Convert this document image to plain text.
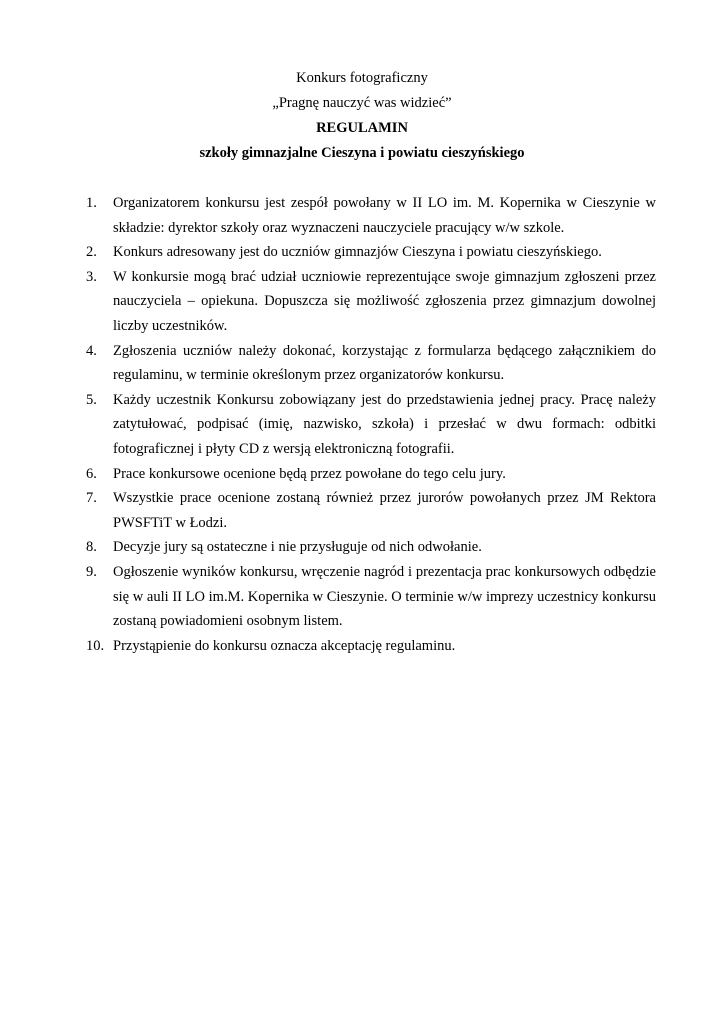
Konkurs fotograficzny
„Pragnę nauczyć was widzieć”
REGULAMIN
szkoły gimnazjalne Cieszyna i powiatu cieszyńskiego
1. Organizatorem konkursu jest zespół powołany w II LO im. M. Kopernika w Cieszynie w składzie: dyrektor szkoły oraz wyznaczeni nauczyciele pracujący w/w szkole.
2. Konkurs adresowany jest do uczniów gimnazjów Cieszyna i powiatu cieszyńskiego.
3. W konkursie mogą brać udział uczniowie reprezentujące swoje gimnazjum zgłoszeni przez nauczyciela – opiekuna. Dopuszcza się możliwość zgłoszenia przez gimnazjum dowolnej liczby uczestników.
4. Zgłoszenia uczniów należy dokonać, korzystając z formularza będącego załącznikiem do regulaminu, w terminie określonym przez organizatorów konkursu.
5. Każdy uczestnik Konkursu zobowiązany jest do przedstawienia jednej pracy. Pracę należy zatytułować, podpisać (imię, nazwisko, szkoła) i przesłać w dwu formach: odbitki fotograficznej i płyty CD z wersją elektroniczną fotografii.
6. Prace konkursowe ocenione będą przez powołane do tego celu jury.
7. Wszystkie prace ocenione zostaną również przez jurorów powołanych przez JM Rektora PWSFTiT w Łodzi.
8. Decyzje jury są ostateczne i nie przysługuje od nich odwołanie.
9. Ogłoszenie wyników konkursu, wręczenie nagród i prezentacja prac konkursowych odbędzie się w auli II LO im.M. Kopernika w Cieszynie. O terminie w/w imprezy uczestnicy konkursu zostaną powiadomieni osobnym listem.
10. Przystąpienie do konkursu oznacza akceptację regulaminu.
